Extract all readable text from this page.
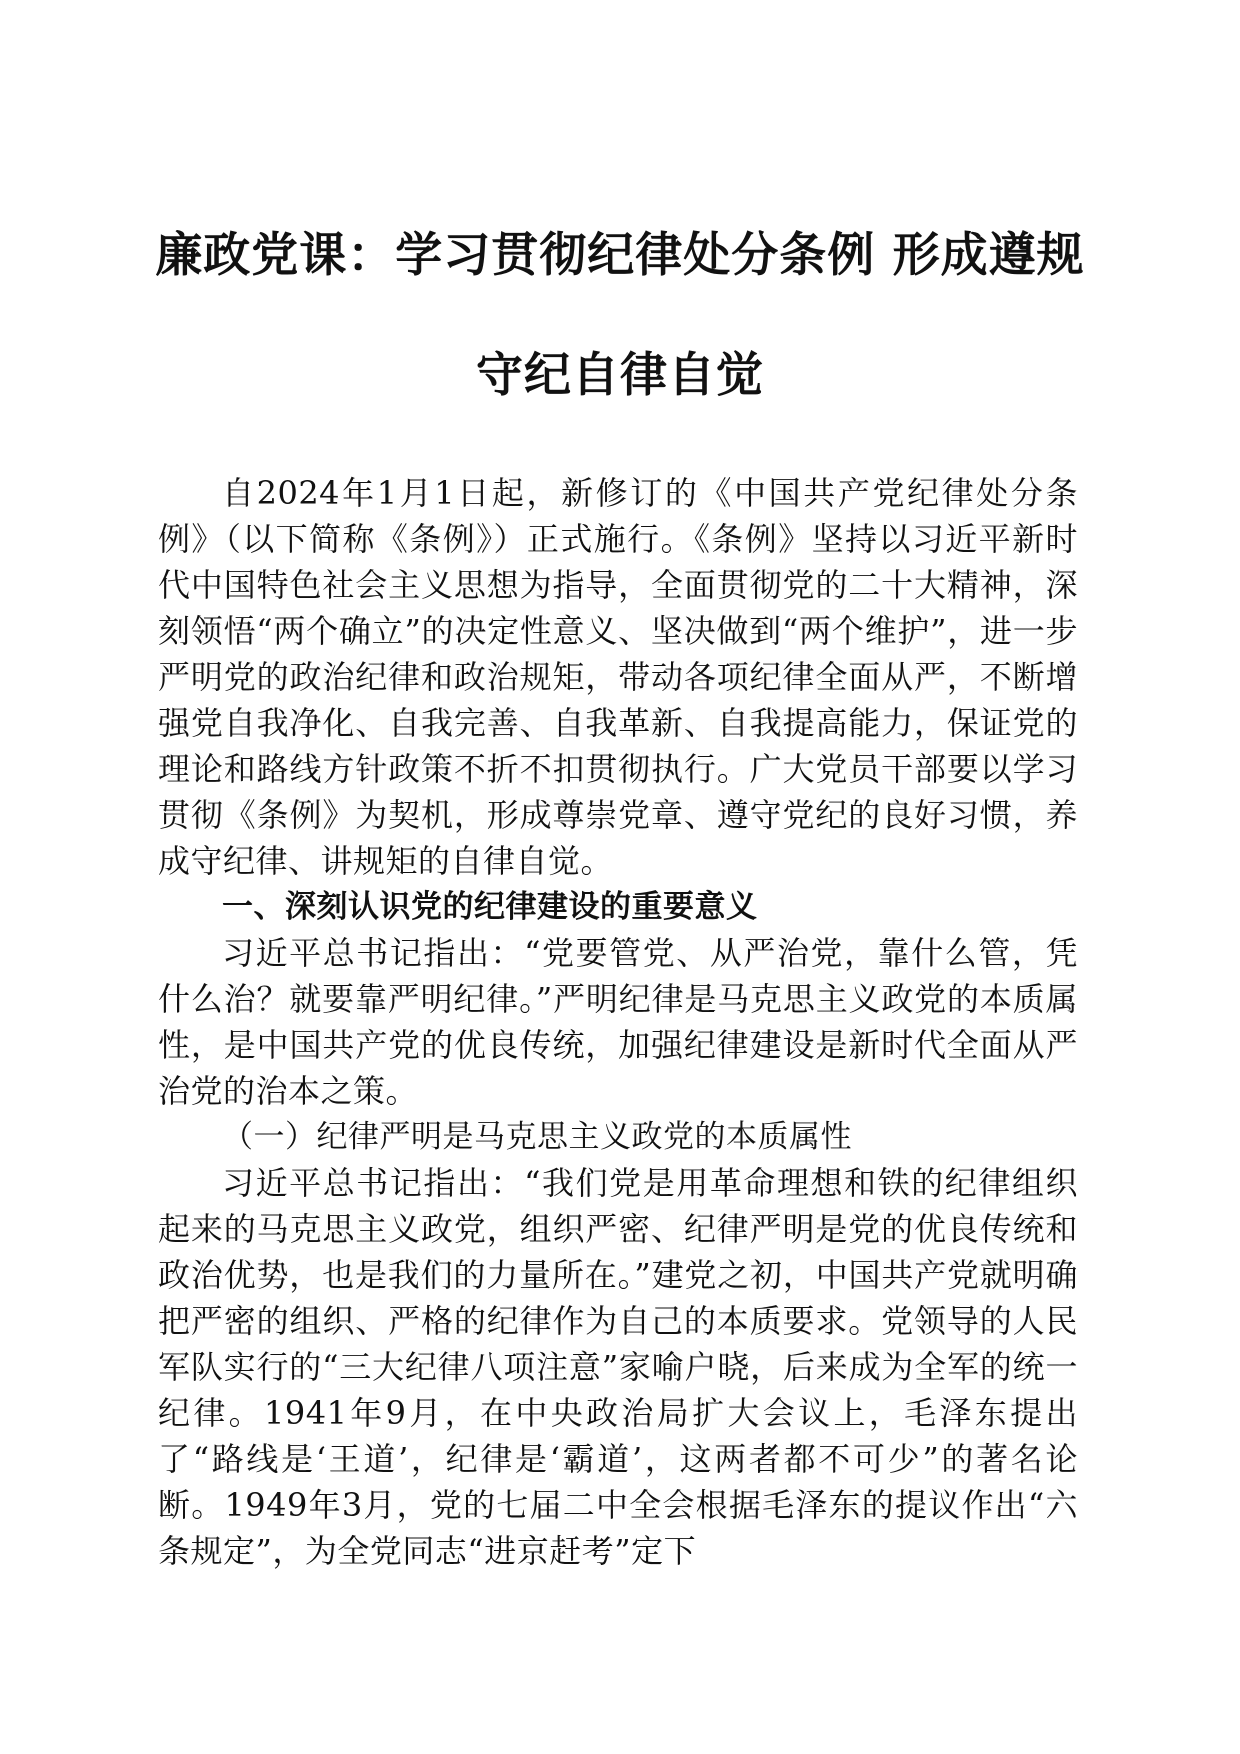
廉政党课：学习贯彻纪律处分条例 形成遵规
守纪自律自觉

自2024年1月1日起，新修订的《中国共产党纪律处分条例》（以下简称《条例》）正式施行。《条例》坚持以习近平新时代中国特色社会主义思想为指导，全面贯彻党的二十大精神，深刻领悟“两个确立”的决定性意义、坚决做到“两个维护”，进一步严明党的政治纪律和政治规矩，带动各项纪律全面从严，不断增强党自我净化、自我完善、自我革新、自我提高能力，保证党的理论和路线方针政策不折不扣贯彻执行。广大党员干部要以学习贯彻《条例》为契机，形成尊崇党章、遵守党纪的良好习惯，养成守纪律、讲规矩的自律自觉。

一、深刻认识党的纪律建设的重要意义

习近平总书记指出：“党要管党、从严治党，靠什么管，凭什么治？就要靠严明纪律。”严明纪律是马克思主义政党的本质属性，是中国共产党的优良传统，加强纪律建设是新时代全面从严治党的治本之策。

（一）纪律严明是马克思主义政党的本质属性

习近平总书记指出：“我们党是用革命理想和铁的纪律组织起来的马克思主义政党，组织严密、纪律严明是党的优良传统和政治优势，也是我们的力量所在。”建党之初，中国共产党就明确把严密的组织、严格的纪律作为自己的本质要求。党领导的人民军队实行的“三大纪律八项注意”家喻户晓，后来成为全军的统一纪律。1941年9月，在中央政治局扩大会议上，毛泽东提出了“路线是‘王道’，纪律是‘霸道’，这两者都不可少”的著名论断。1949年3月，党的七届二中全会根据毛泽东的提议作出“六条规定”，为全党同志“进京赶考”定下
